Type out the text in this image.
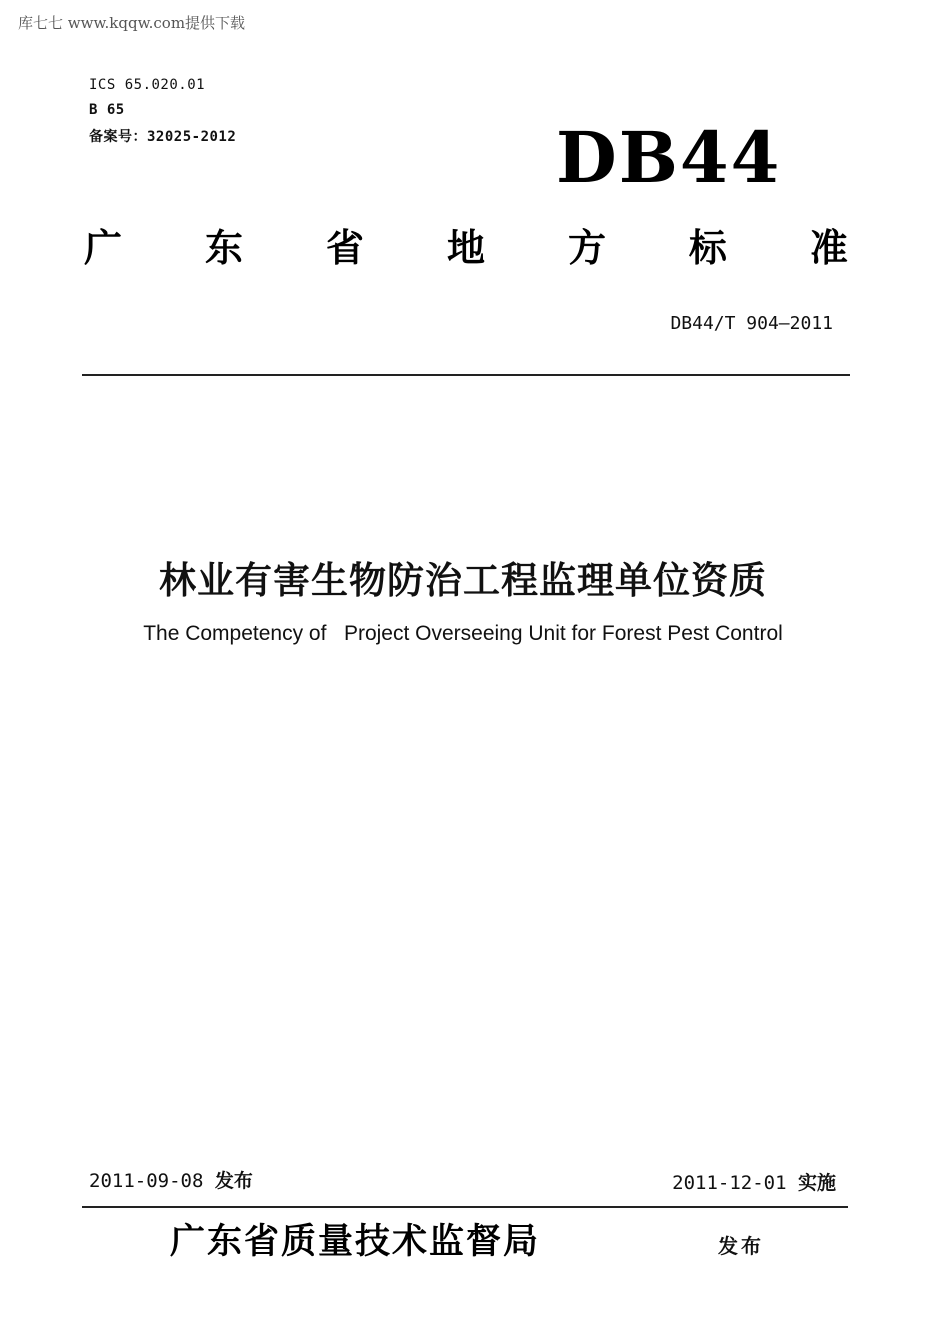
库七七 www.kqqw.com提供下载
ICS 65.020.01
B 65
备案号：32025-2012	DB44
广 东 省 地 方 标 准
DB44/T 904—2011
林业有害生物防治工程监理单位资质
The Competency of   Project Overseeing Unit for Forest Pest Control
2011-09-08 发布	2011-12-01 实施
广东省质量技术监督局	发布
